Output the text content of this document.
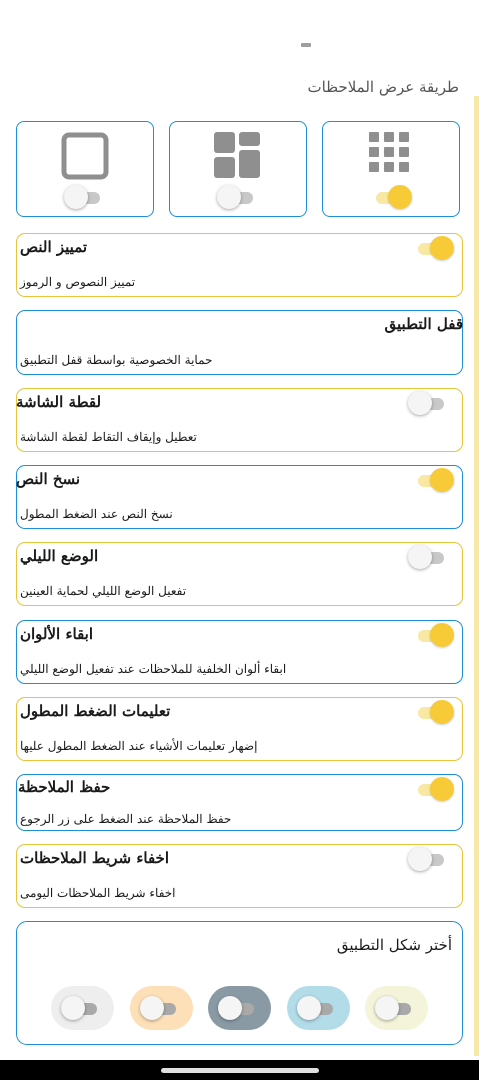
طريقة عرض الملاحظات
تمييز النص
تمييز النصوص و الرموز
قفل التطبيق
حماية الخصوصية بواسطة قفل التطبيق
لقطة الشاشة
تعطيل وإيقاف التقاط لقطة الشاشة
نسخ النص
نسخ النص عند الضغط المطول
الوضع الليلي
تفعيل الوضع الليلي لحماية العينين
ابقاء الألوان
ابقاء ألوان الخلفية للملاحظات عند تفعيل الوضع الليلي
تعليمات الضغط المطول
إضهار تعليمات الأشياء عند الضغط المطول عليها
حفظ الملاحظة
حفظ الملاحظة عند الضغط على زر الرجوع
اخفاء شريط الملاحظات
اخفاء شريط الملاحظات اليومى
أختر شكل التطبيق
